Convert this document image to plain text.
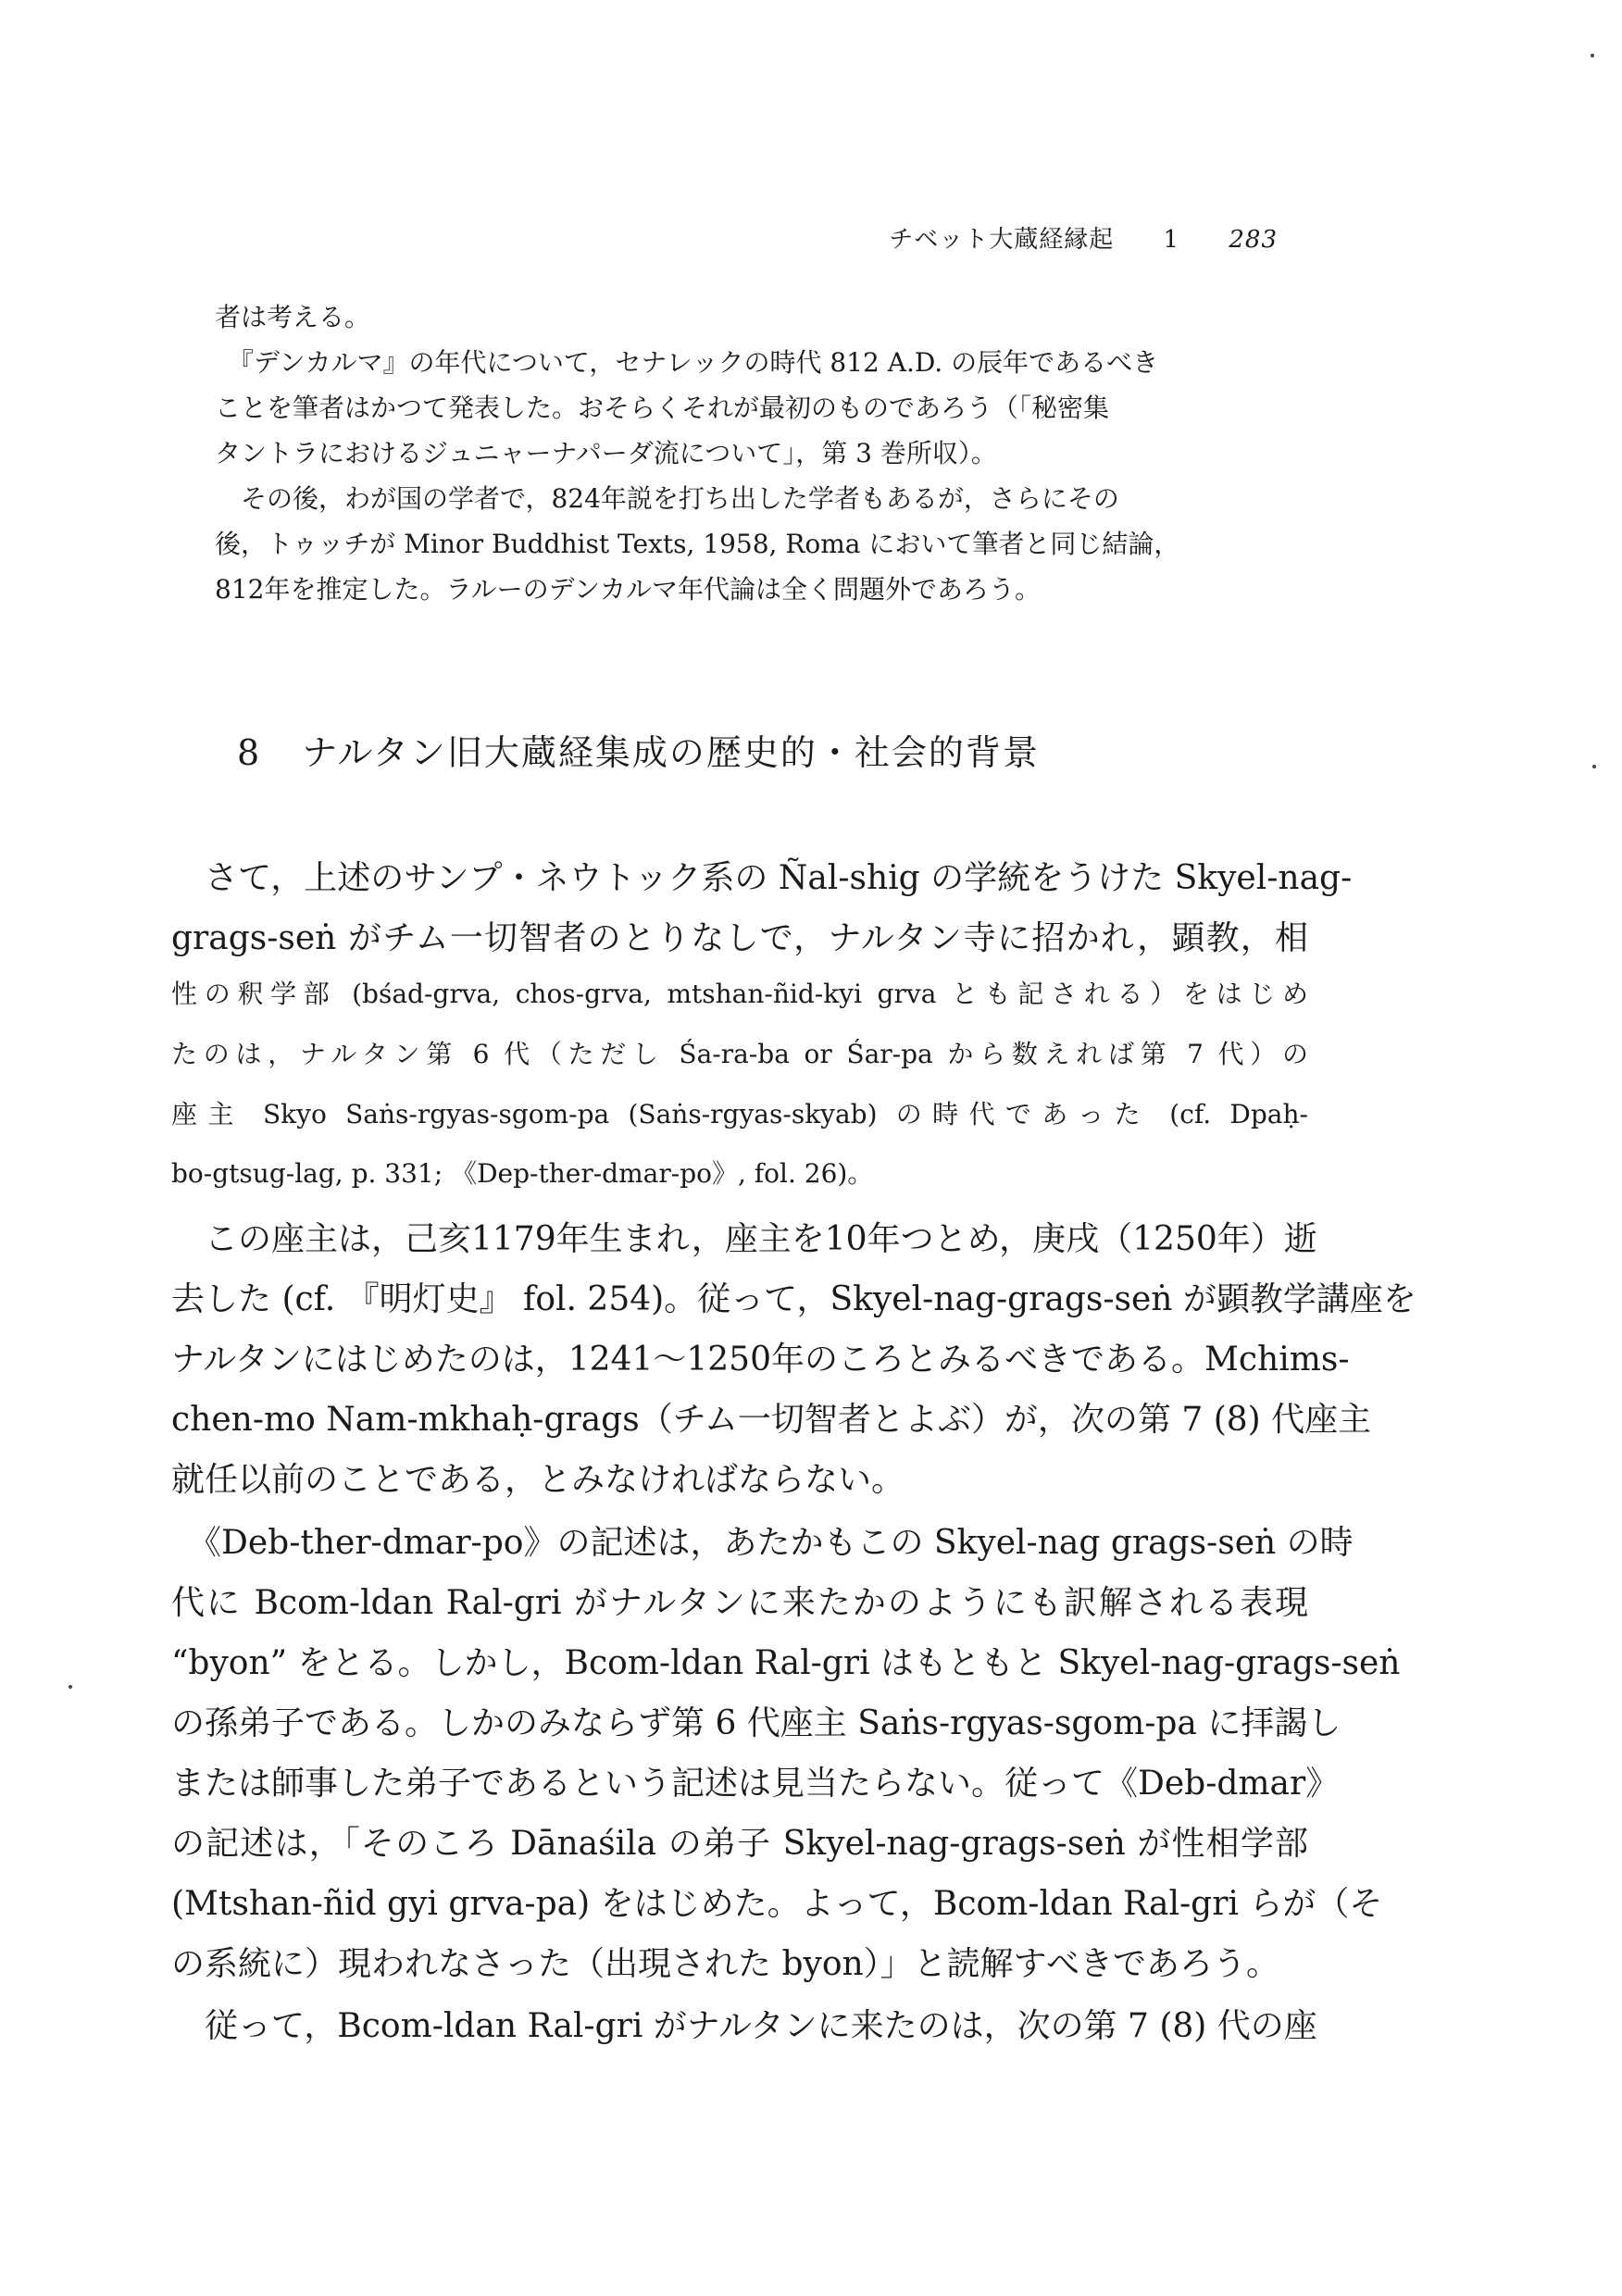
チベット大蔵経縁起 1 283
者は考える。
　『デンカルマ』の年代について，セナレックの時代 812 A.D. の辰年であるべき
ことを筆者はかつて発表した。おそらくそれが最初のものであろう（「秘密集
タントラにおけるジュニャーナパーダ流について」，第 3 巻所収）。
　その後，わが国の学者で，824年説を打ち出した学者もあるが，さらにその
後，トゥッチが Minor Buddhist Texts, 1958, Roma において筆者と同じ結論，
812年を推定した。ラルーのデンカルマ年代論は全く問題外であろう。
8 ナルタン旧大蔵経集成の歴史的・社会的背景
　さて，上述のサンプ・ネウトック系の Ñal-shig の学統をうけた Skyel-nag-
grags-seṅ がチム一切智者のとりなしで，ナルタン寺に招かれ，顕教，相
性の釈学部 (bśad-grva, chos-grva, mtshan-ñid-kyi grva とも記される）をはじめ
たのは，ナルタン第 6 代（ただし Śa-ra-ba or Śar-pa から数えれば第 7 代）の
座主 Skyo Saṅs-rgyas-sgom-pa (Saṅs-rgyas-skyab) の時代であった (cf. Dpaḥ-
bo-gtsug-lag, p. 331; 《Dep-ther-dmar-po》, fol. 26)。
　この座主は，己亥1179年生まれ，座主を10年つとめ，庚戌（1250年）逝
去した (cf. 『明灯史』 fol. 254)。従って，Skyel-nag-grags-seṅ が顕教学講座を
ナルタンにはじめたのは，1241～1250年のころとみるべきである。Mchims-
chen-mo Nam-mkhaḥ-grags（チム一切智者とよぶ）が，次の第 7 (8) 代座主
就任以前のことである，とみなければならない。
　《Deb-ther-dmar-po》の記述は，あたかもこの Skyel-nag grags-seṅ の時
代に Bcom-ldan Ral-gri がナルタンに来たかのようにも訳解される表現
“byon” をとる。しかし，Bcom-ldan Ral-gri はもともと Skyel-nag-grags-seṅ
の孫弟子である。しかのみならず第 6 代座主 Saṅs-rgyas-sgom-pa に拝謁し
または師事した弟子であるという記述は見当たらない。従って《Deb-dmar》
の記述は，「そのころ Dānaśila の弟子 Skyel-nag-grags-seṅ が性相学部
(Mtshan-ñid gyi grva-pa) をはじめた。よって，Bcom-ldan Ral-gri らが（そ
の系統に）現われなさった（出現された byon）」と読解すべきであろう。
　従って，Bcom-ldan Ral-gri がナルタンに来たのは，次の第 7 (8) 代の座
